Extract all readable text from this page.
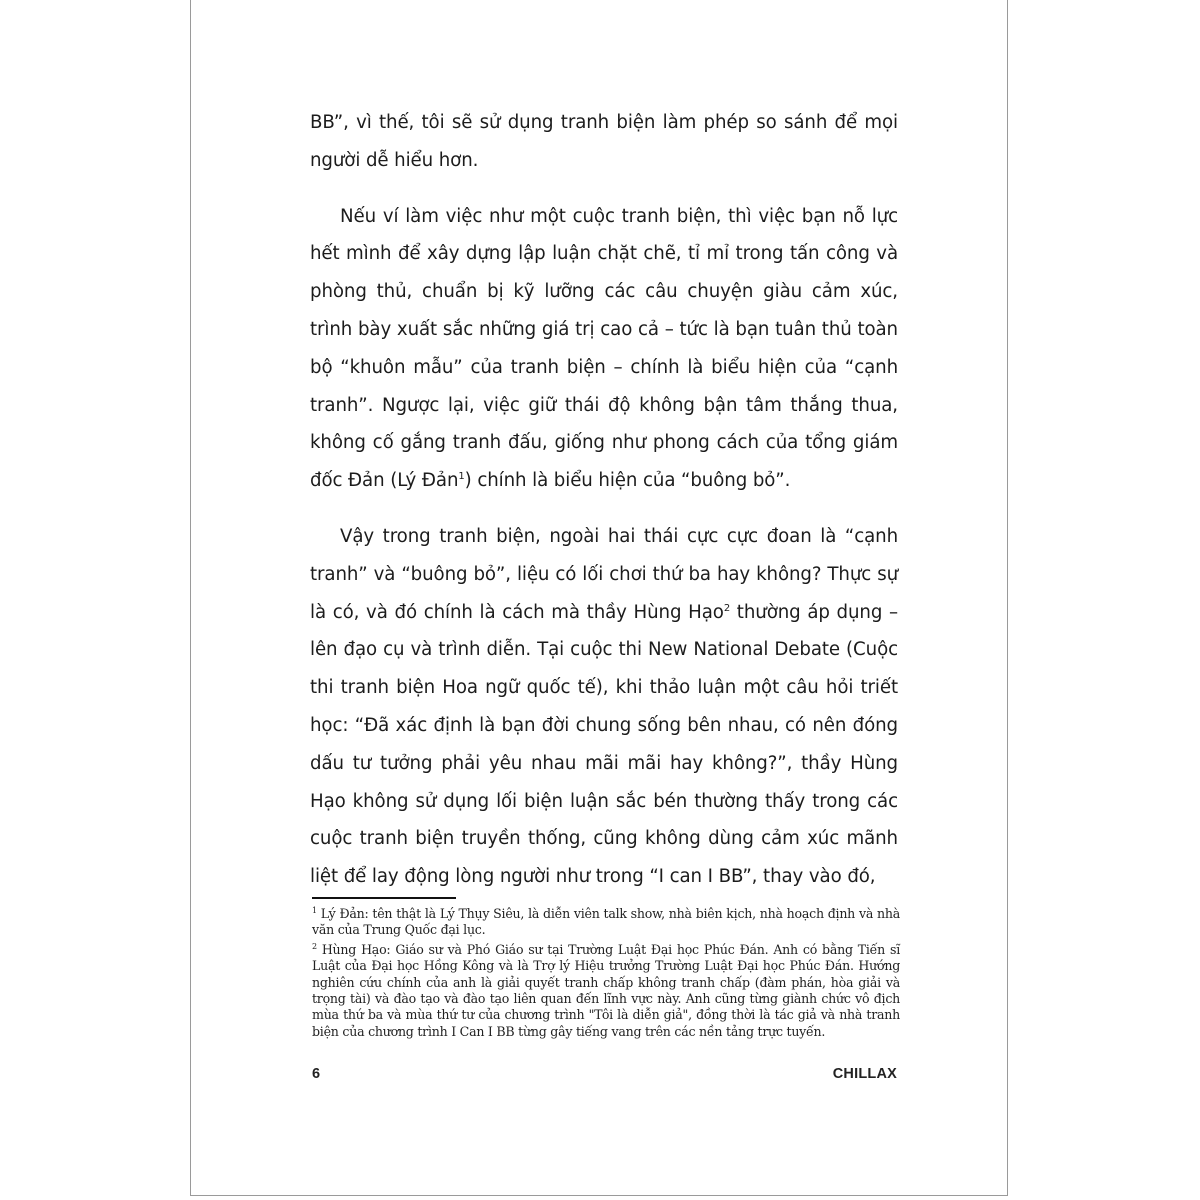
BB”, vì thế, tôi sẽ sử dụng tranh biện làm phép so sánh để mọi người dễ hiểu hơn.

Nếu ví làm việc như một cuộc tranh biện, thì việc bạn nỗ lực hết mình để xây dựng lập luận chặt chẽ, tỉ mỉ trong tấn công và phòng thủ, chuẩn bị kỹ lưỡng các câu chuyện giàu cảm xúc, trình bày xuất sắc những giá trị cao cả – tức là bạn tuân thủ toàn bộ “khuôn mẫu” của tranh biện – chính là biểu hiện của “cạnh tranh”. Ngược lại, việc giữ thái độ không bận tâm thắng thua, không cố gắng tranh đấu, giống như phong cách của tổng giám đốc Đản (Lý Đản$^1$) chính là biểu hiện của “buông bỏ”.

Vậy trong tranh biện, ngoài hai thái cực cực đoan là “cạnh tranh” và “buông bỏ”, liệu có lối chơi thứ ba hay không? Thực sự là có, và đó chính là cách mà thầy Hùng Hạo$^2$ thường áp dụng – lên đạo cụ và trình diễn. Tại cuộc thi New National Debate (Cuộc thi tranh biện Hoa ngữ quốc tế), khi thảo luận một câu hỏi triết học: “Đã xác định là bạn đời chung sống bên nhau, có nên đóng dấu tư tưởng phải yêu nhau mãi mãi hay không?”, thầy Hùng Hạo không sử dụng lối biện luận sắc bén thường thấy trong các cuộc tranh biện truyền thống, cũng không dùng cảm xúc mãnh liệt để lay động lòng người như trong “I can I BB”, thay vào đó,

$^1$ Lý Đản: tên thật là Lý Thụy Siêu, là diễn viên talk show, nhà biên kịch, nhà hoạch định và nhà văn của Trung Quốc đại lục.

$^2$ Hùng Hạo: Giáo sư và Phó Giáo sư tại Trường Luật Đại học Phúc Đán. Anh có bằng Tiến sĩ Luật của Đại học Hồng Kông và là Trợ lý Hiệu trưởng Trường Luật Đại học Phúc Đán. Hướng nghiên cứu chính của anh là giải quyết tranh chấp không tranh chấp (đàm phán, hòa giải và trọng tài) và đào tạo và đào tạo liên quan đến lĩnh vực này. Anh cũng từng giành chức vô địch mùa thứ ba và mùa thứ tư của chương trình "Tôi là diễn giả", đồng thời là tác giả và nhà tranh biện của chương trình I Can I BB từng gây tiếng vang trên các nền tảng trực tuyến.

6	CHILLAX
